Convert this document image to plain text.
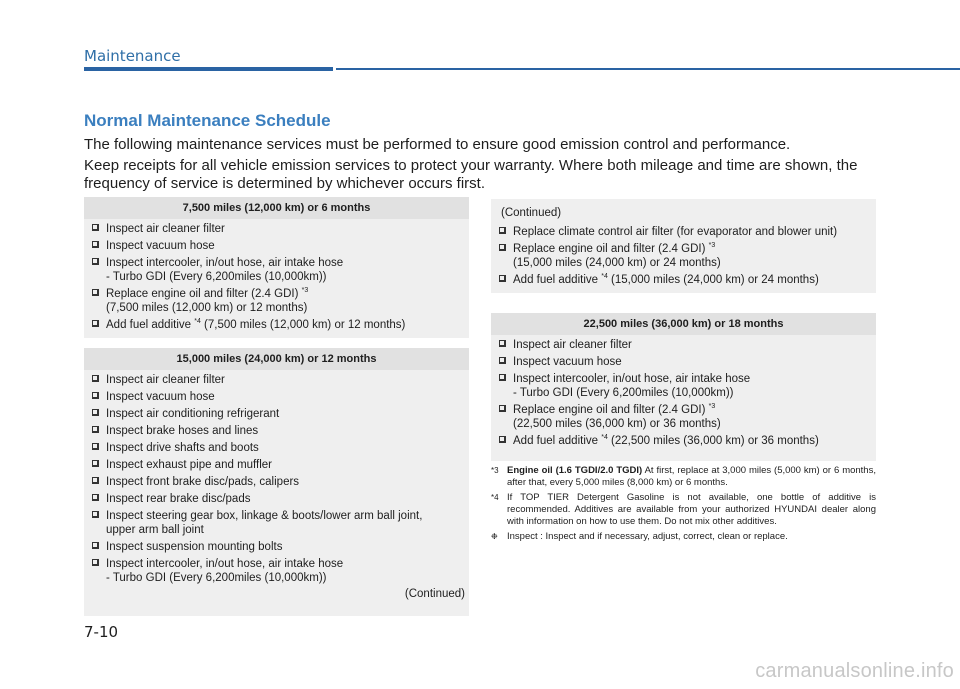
Maintenance
Normal Maintenance Schedule

The following maintenance services must be performed to ensure good emission control and performance.

Keep receipts for all vehicle emission services to protect your warranty. Where both mileage and time are shown, the frequency of service is determined by whichever occurs first.

7,500 miles (12,000 km) or 6 months
Inspect air cleaner filter
Inspect vacuum hose
Inspect intercooler, in/out hose, air intake hose
- Turbo GDI (Every 6,200miles (10,000km))
Replace engine oil and filter (2.4 GDI) $^{*3}$
(7,500 miles (12,000 km) or 12 months)
Add fuel additive $^{*4}$ (7,500 miles (12,000 km) or 12 months)
15,000 miles (24,000 km) or 12 months
Inspect air cleaner filter
Inspect vacuum hose
Inspect air conditioning refrigerant
Inspect brake hoses and lines
Inspect drive shafts and boots
Inspect exhaust pipe and muffler
Inspect front brake disc/pads, calipers
Inspect rear brake disc/pads
Inspect steering gear box, linkage & boots/lower arm ball joint,
upper arm ball joint
Inspect suspension mounting bolts
Inspect intercooler, in/out hose, air intake hose
- Turbo GDI (Every 6,200miles (10,000km))
(Continued)
(Continued)
Replace climate control air filter (for evaporator and blower unit)
Replace engine oil and filter (2.4 GDI) $^{*3}$
(15,000 miles (24,000 km) or 24 months)
Add fuel additive $^{*4}$ (15,000 miles (24,000 km) or 24 months)
22,500 miles (36,000 km) or 18 months
Inspect air cleaner filter
Inspect vacuum hose
Inspect intercooler, in/out hose, air intake hose
- Turbo GDI (Every 6,200miles (10,000km))
Replace engine oil and filter (2.4 GDI) $^{*3}$
(22,500 miles (36,000 km) or 36 months)
Add fuel additive $^{*4}$ (22,500 miles (36,000 km) or 36 months)
*3 Engine oil (1.6 TGDI/2.0 TGDI) At first, replace at 3,000 miles (5,000 km) or 6 months, after that, every 5,000 miles (8,000 km) or 6 months.
*4 If TOP TIER Detergent Gasoline is not available, one bottle of additive is recommended. Additives are available from your authorized HYUNDAI dealer along with information on how to use them. Do not mix other additives.
❉ Inspect : Inspect and if necessary, adjust, correct, clean or replace.
7-10
carmanualsonline.info
